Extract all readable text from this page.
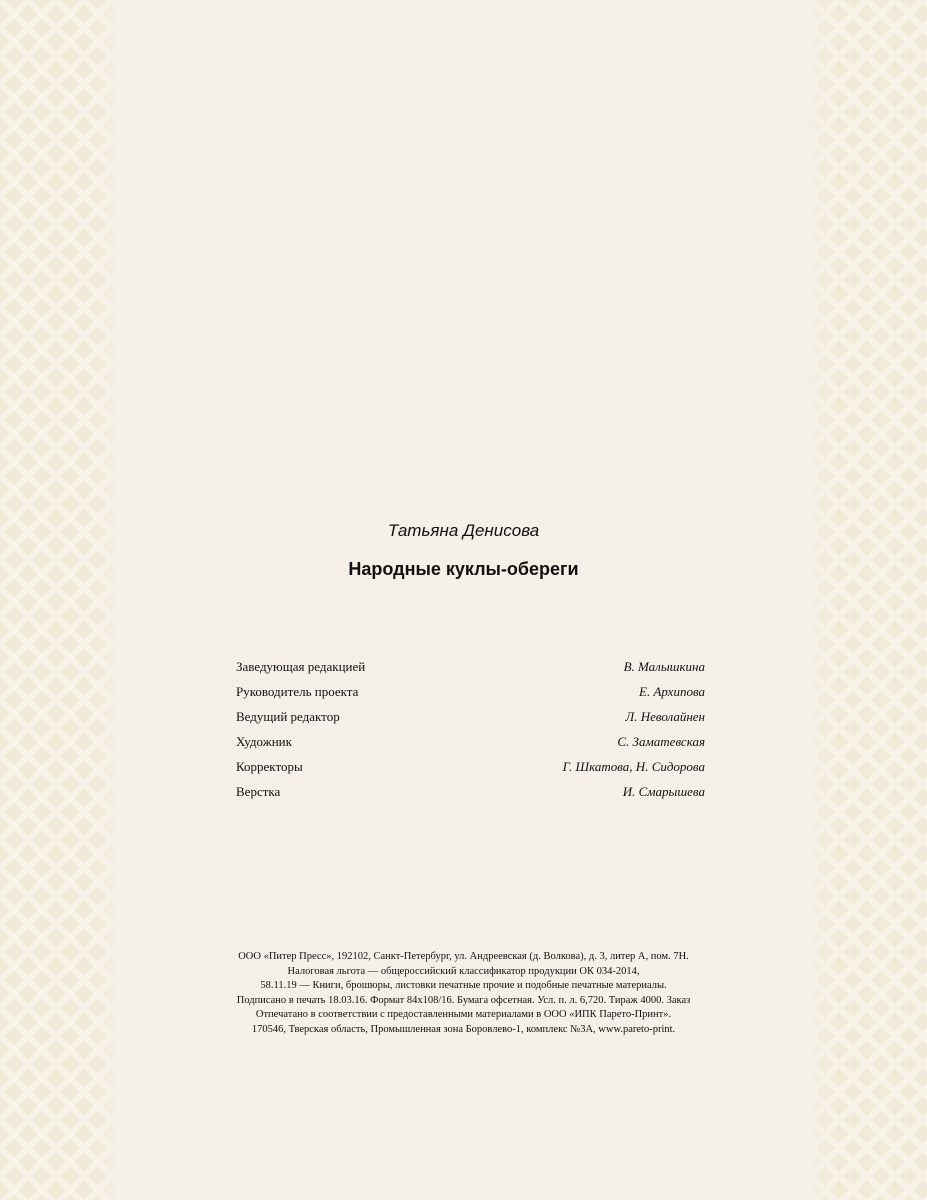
Татьяна Денисова
Народные куклы-обереги
Заведующая редакцией	В. Малышкина
Руководитель проекта	Е. Архипова
Ведущий редактор	Л. Неволайнен
Художник	С. Заматевская
Корректоры	Г. Шкатова, Н. Сидорова
Верстка	И. Смарышева
ООО «Питер Пресс», 192102, Санкт-Петербург, ул. Андреевская (д. Волкова), д. 3, литер А, пом. 7Н.
Налоговая льгота — общероссийский классификатор продукции ОК 034-2014,
58.11.19 — Книги, брошюры, листовки печатные прочие и подобные печатные материалы.
Подписано в печать 18.03.16. Формат 84х108/16. Бумага офсетная. Усл. п. л. 6,720. Тираж 4000. Заказ
Отпечатано в соответствии с предоставленными материалами в ООО «ИПК Парето-Принт».
170546, Тверская область, Промышленная зона Боровлево-1, комплекс №3А, www.pareto-print.
